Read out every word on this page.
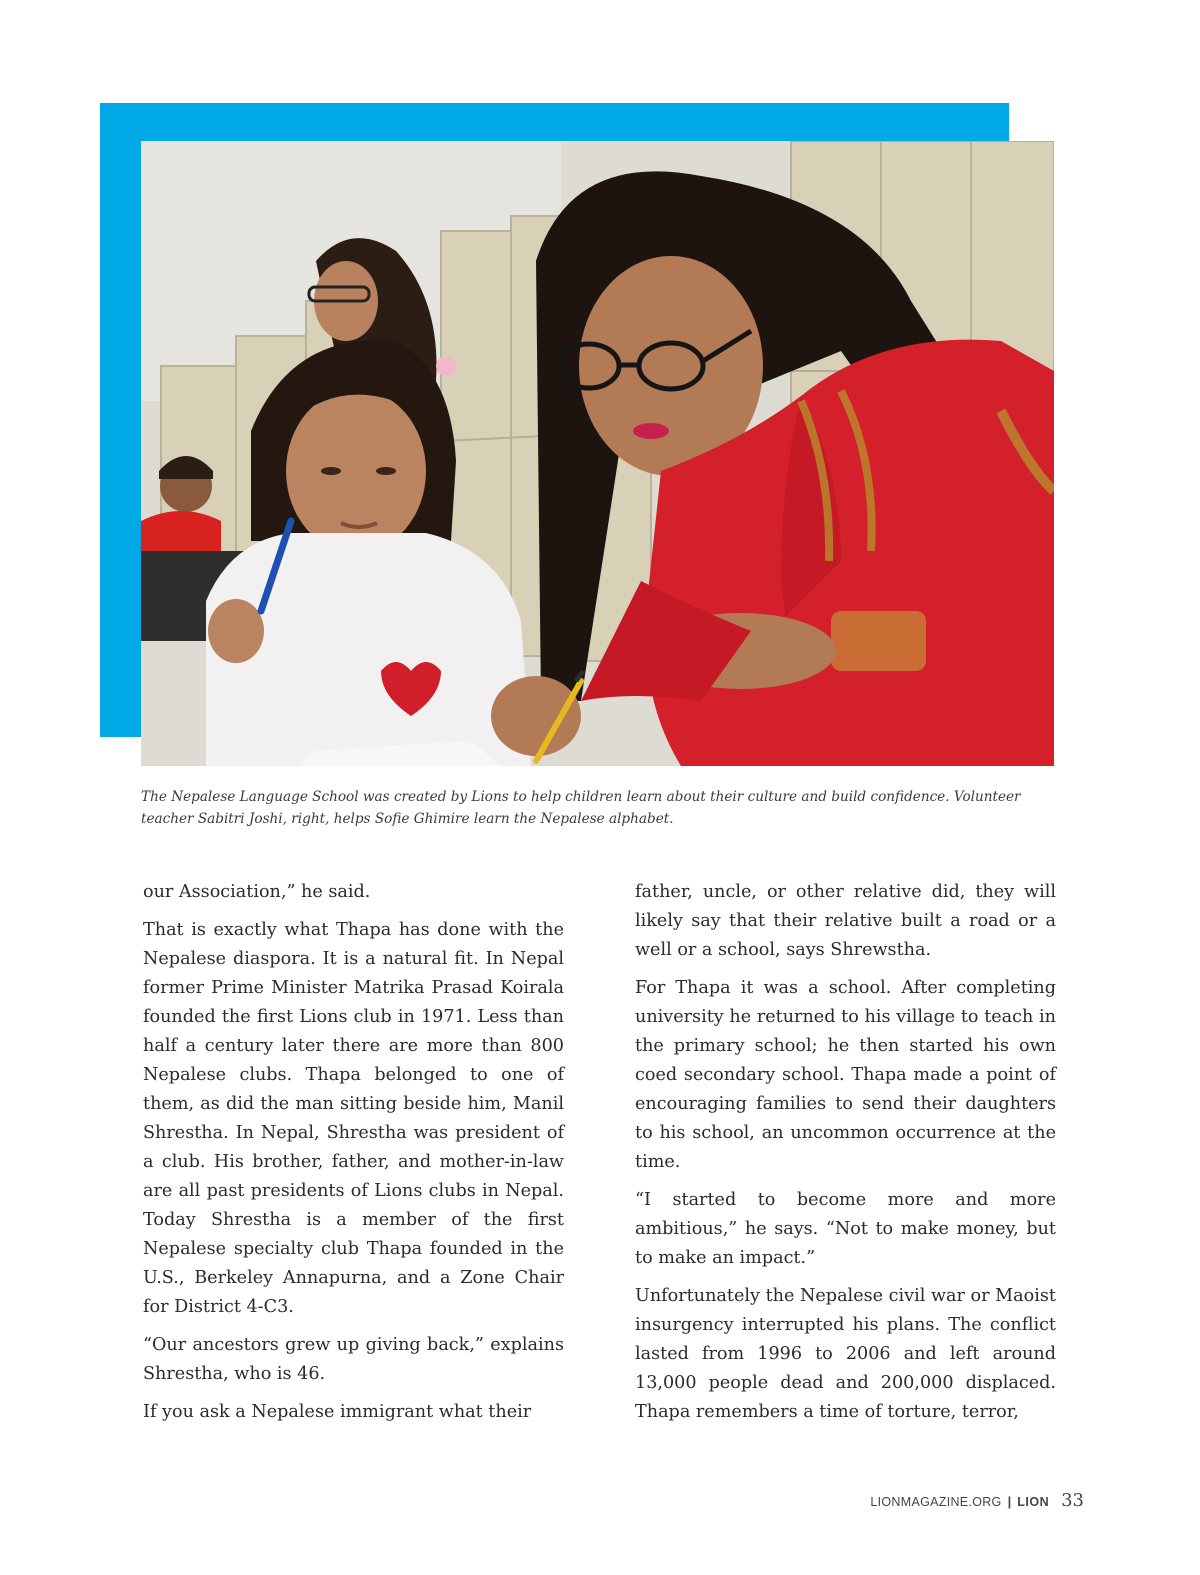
The Nepalese Language School was created by Lions to help children learn about their culture and build confidence. Volunteer teacher Sabitri Joshi, right, helps Sofie Ghimire learn the Nepalese alphabet.

our Association,” he said.

That is exactly what Thapa has done with the Nepalese diaspora. It is a natural fit. In Nepal former Prime Minister Matrika Prasad Koirala founded the first Lions club in 1971. Less than half a century later there are more than 800 Nepalese clubs. Thapa belonged to one of them, as did the man sitting beside him, Manil Shrestha. In Nepal, Shrestha was president of a club. His brother, father, and mother-in-law are all past presidents of Lions clubs in Nepal. Today Shrestha is a member of the first Nepalese specialty club Thapa founded in the U.S., Berkeley Annapurna, and a Zone Chair for District 4-C3.

“Our ancestors grew up giving back,” explains Shrestha, who is 46.

If you ask a Nepalese immigrant what their

father, uncle, or other relative did, they will likely say that their relative built a road or a well or a school, says Shrewstha.

For Thapa it was a school. After completing university he returned to his village to teach in the primary school; he then started his own coed secondary school. Thapa made a point of encouraging families to send their daughters to his school, an uncommon occurrence at the time.

“I started to become more and more ambitious,” he says. “Not to make money, but to make an impact.”

Unfortunately the Nepalese civil war or Maoist insurgency interrupted his plans. The conflict lasted from 1996 to 2006 and left around 13,000 people dead and 200,000 displaced. Thapa remembers a time of torture, terror,

LIONMAGAZINE.ORG | LION 33
